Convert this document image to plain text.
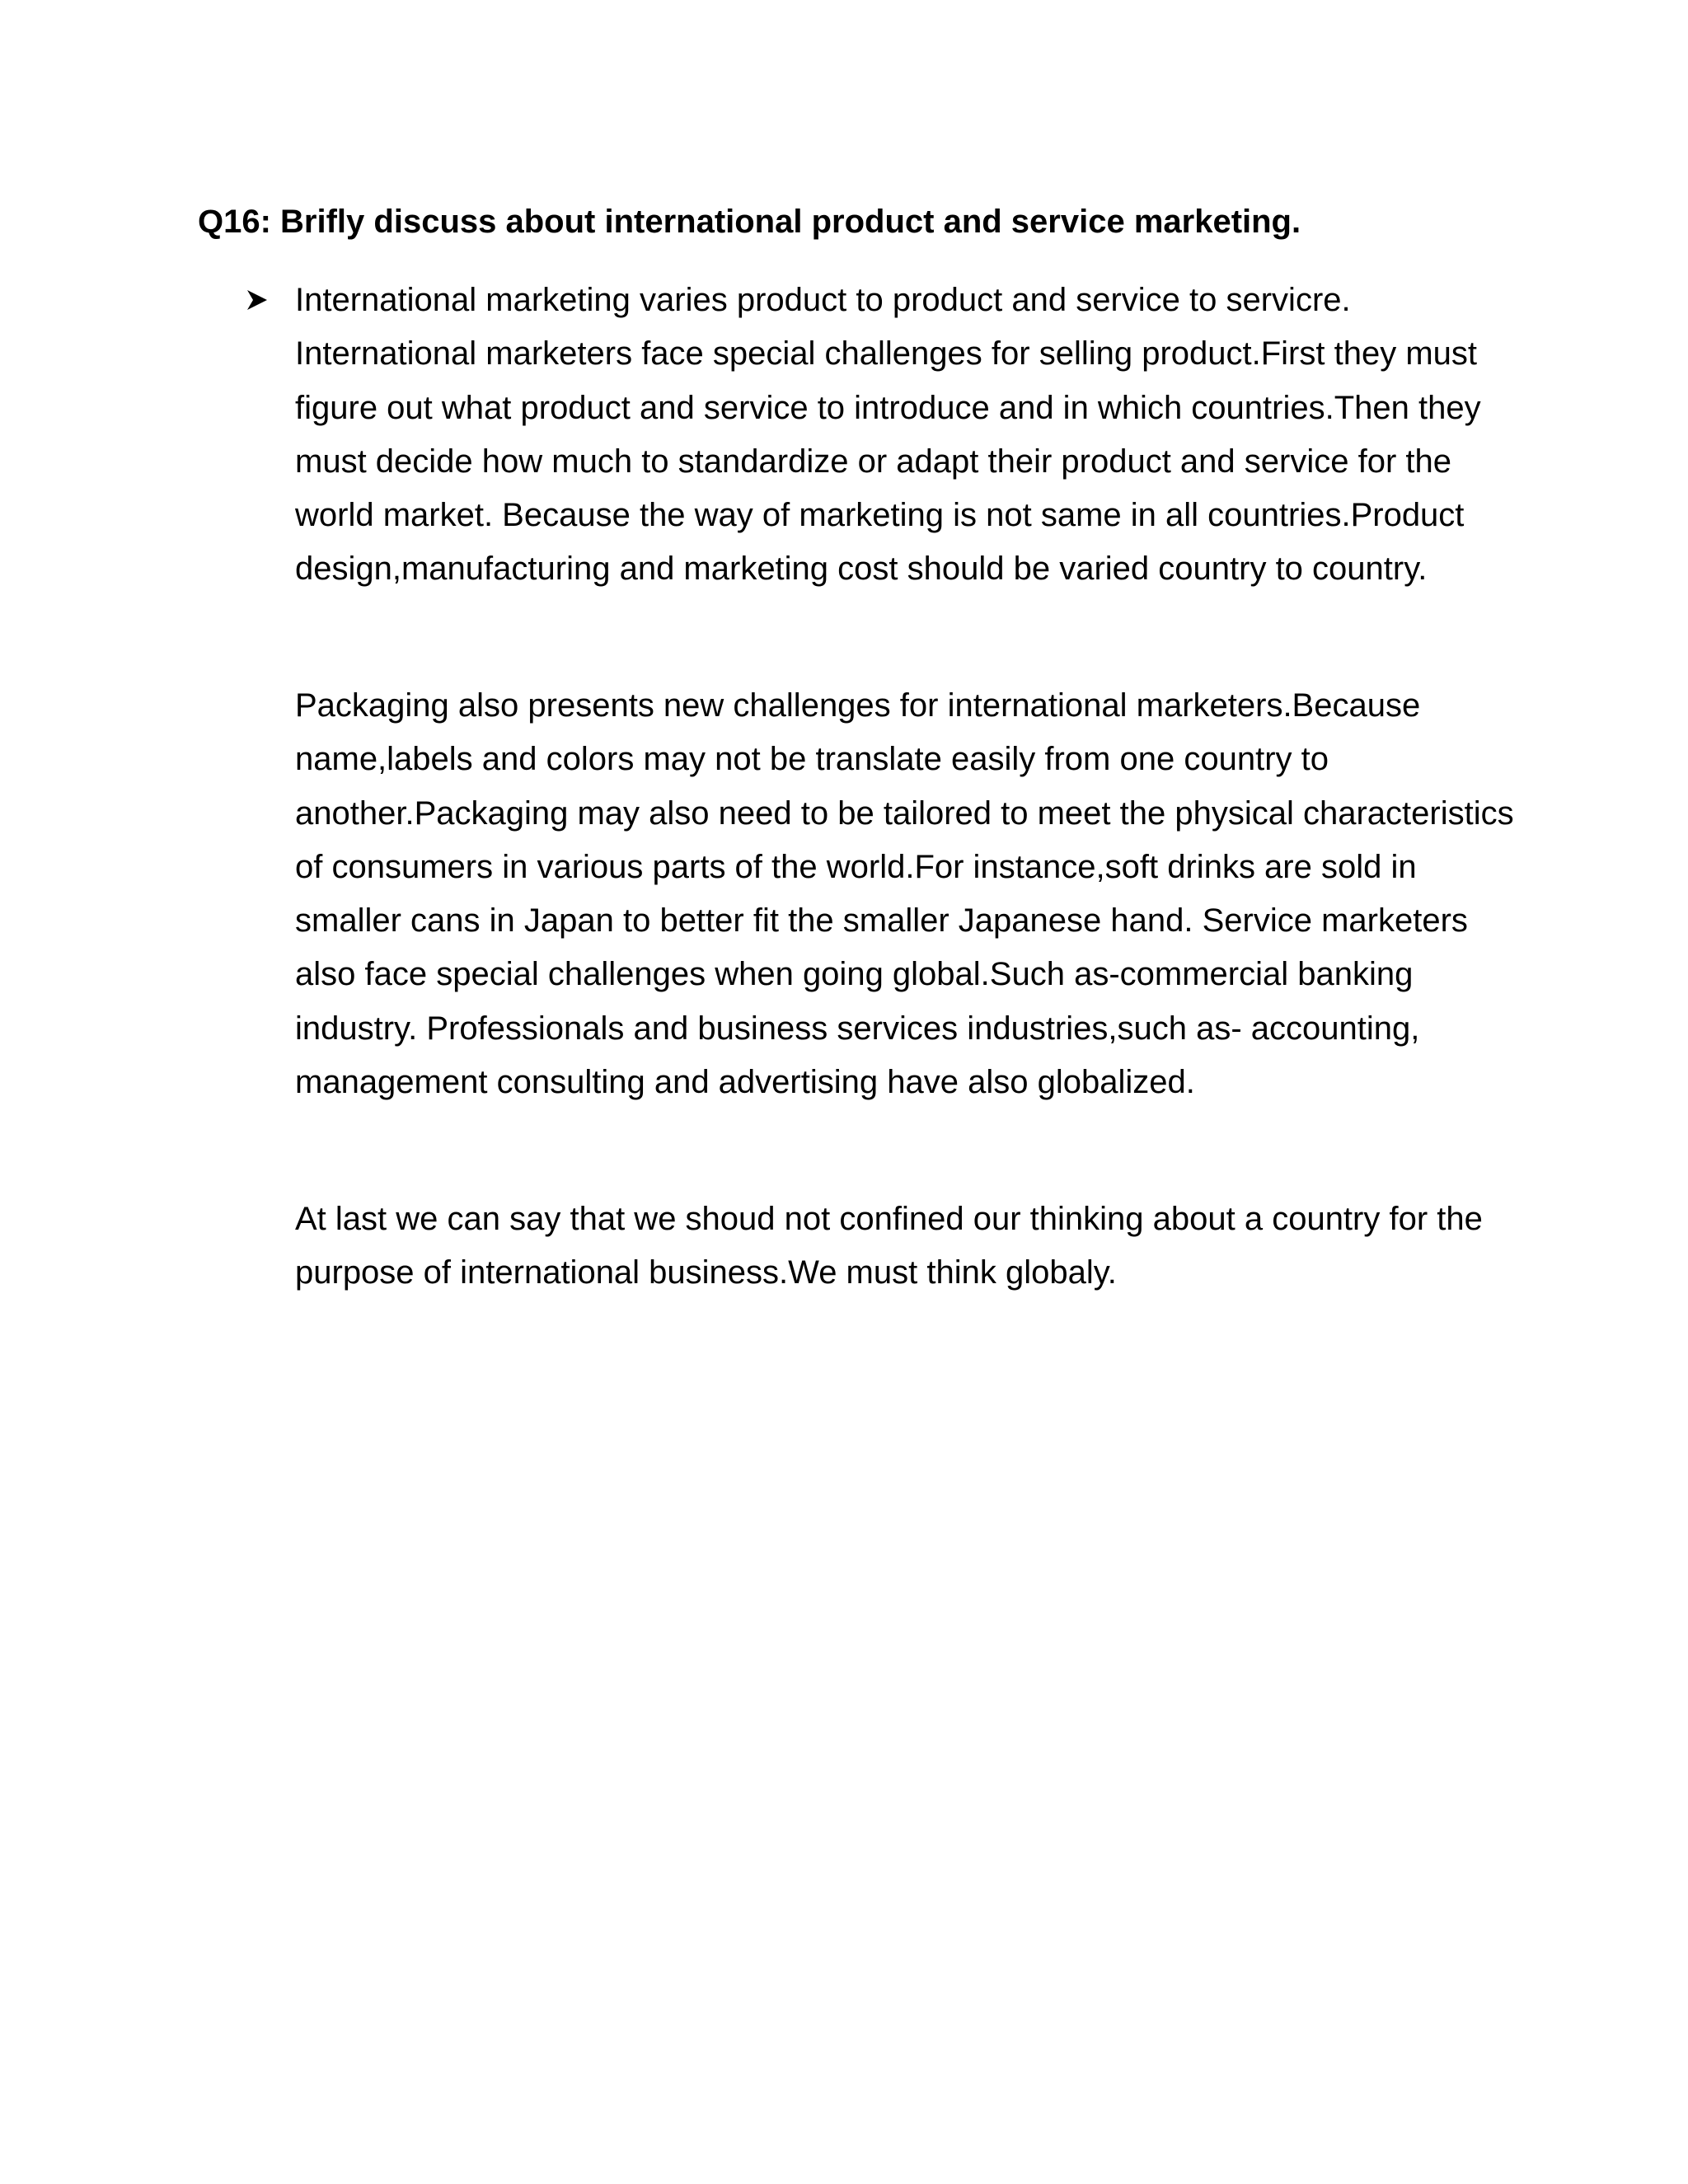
Q16: Brifly discuss about international product and service marketing.

International marketing varies product to product and service to servicre. International marketers face special challenges for selling product.First they must figure out what product and service to introduce and in which countries.Then they must decide how much to standardize or adapt their product and service for the world market. Because the way of marketing is not same in all countries.Product design,manufacturing and marketing cost should be varied country to country.

Packaging also presents new challenges for international marketers.Because name,labels and colors may not be translate easily from one country to another.Packaging may also need to be tailored to meet the physical characteristics of consumers in various parts of the world.For instance,soft drinks are sold in smaller cans in Japan to better fit the smaller Japanese hand. Service marketers also face special challenges when going global.Such as-commercial banking industry. Professionals and business services industries,such as- accounting, management consulting and advertising have also globalized.

At last we can say that we shoud not confined our thinking about a country for the purpose of international business.We must think globaly.
